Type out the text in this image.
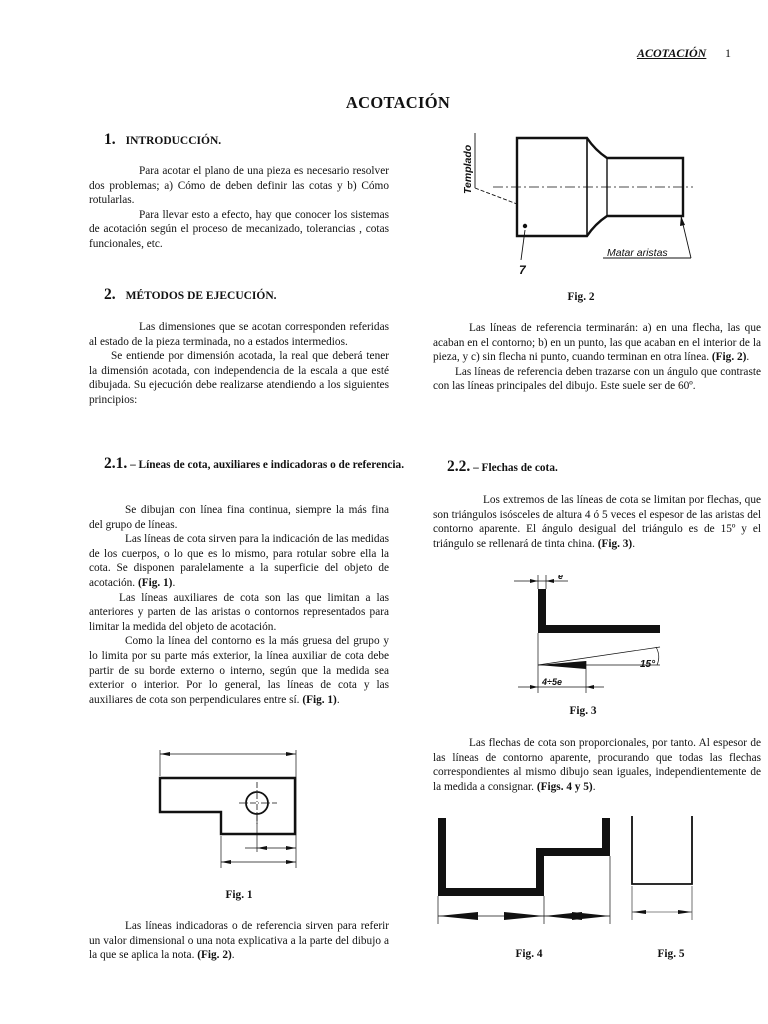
ACOTACIÓN 1
ACOTACIÓN
1. INTRODUCCIÓN.

Para acotar el plano de una pieza es necesario resolver dos problemas; a) Cómo de deben definir las cotas y b) Cómo rotularlas.

Para llevar esto a efecto, hay que conocer los sistemas de acotación según el proceso de mecanizado, tolerancias , cotas funcionales, etc.

2. MÉTODOS DE EJECUCIÓN.

Las dimensiones que se acotan corresponden referidas al estado de la pieza terminada, no a estados intermedios.

Se entiende por dimensión acotada, la real que deberá tener la dimensión acotada, con independencia de la escala a que esté dibujada. Su ejecución debe realizarse atendiendo a los siguientes principios:

2.1. – Líneas de cota, auxiliares e indicadoras o de referencia.

Se dibujan con línea fina continua, siempre la más fina del grupo de líneas.

Las líneas de cota sirven para la indicación de las medidas de los cuerpos, o lo que es lo mismo, para rotular sobre ella la cota. Se disponen paralelamente a la superficie del objeto de acotación. (Fig. 1).

Las líneas auxiliares de cota son las que limitan a las anteriores y parten de las aristas o contornos representados para limitar la medida del objeto de acotación.

Como la línea del contorno es la más gruesa del grupo y lo limita por su parte más exterior, la línea auxiliar de cota debe partir de su borde externo o interno, según que la medida sea exterior o interior. Por lo general, las líneas de cota y las auxiliares de cota son perpendiculares entre sí. (Fig. 1).

Fig. 1

Las líneas indicadoras o de referencia sirven para referir un valor dimensional o una nota explicativa a la parte del dibujo a la que se aplica la nota. (Fig. 2).

Templado
Matar aristas
7
Fig. 2

Las líneas de referencia terminarán: a) en una flecha, las que acaban en el contorno; b) en un punto, las que acaban en el interior de la pieza, y c) sin flecha ni punto, cuando terminan en otra línea. (Fig. 2).

Las líneas de referencia deben trazarse con un ángulo que contraste con las líneas principales del dibujo. Este suele ser de 60º.

2.2. – Flechas de cota.

Los extremos de las líneas de cota se limitan por flechas, que son triángulos isósceles de altura 4 ó 5 veces el espesor de las aristas del contorno aparente. El ángulo desigual del triángulo es de 15º y el triángulo se rellenará de tinta china. (Fig. 3).

e
15°
4÷5e
Fig. 3

Las flechas de cota son proporcionales, por tanto. Al espesor de las líneas de contorno aparente, procurando que todas las flechas correspondientes al mismo dibujo sean iguales, independientemente de la medida a consignar. (Figs. 4 y 5).

Fig. 4	Fig. 5
